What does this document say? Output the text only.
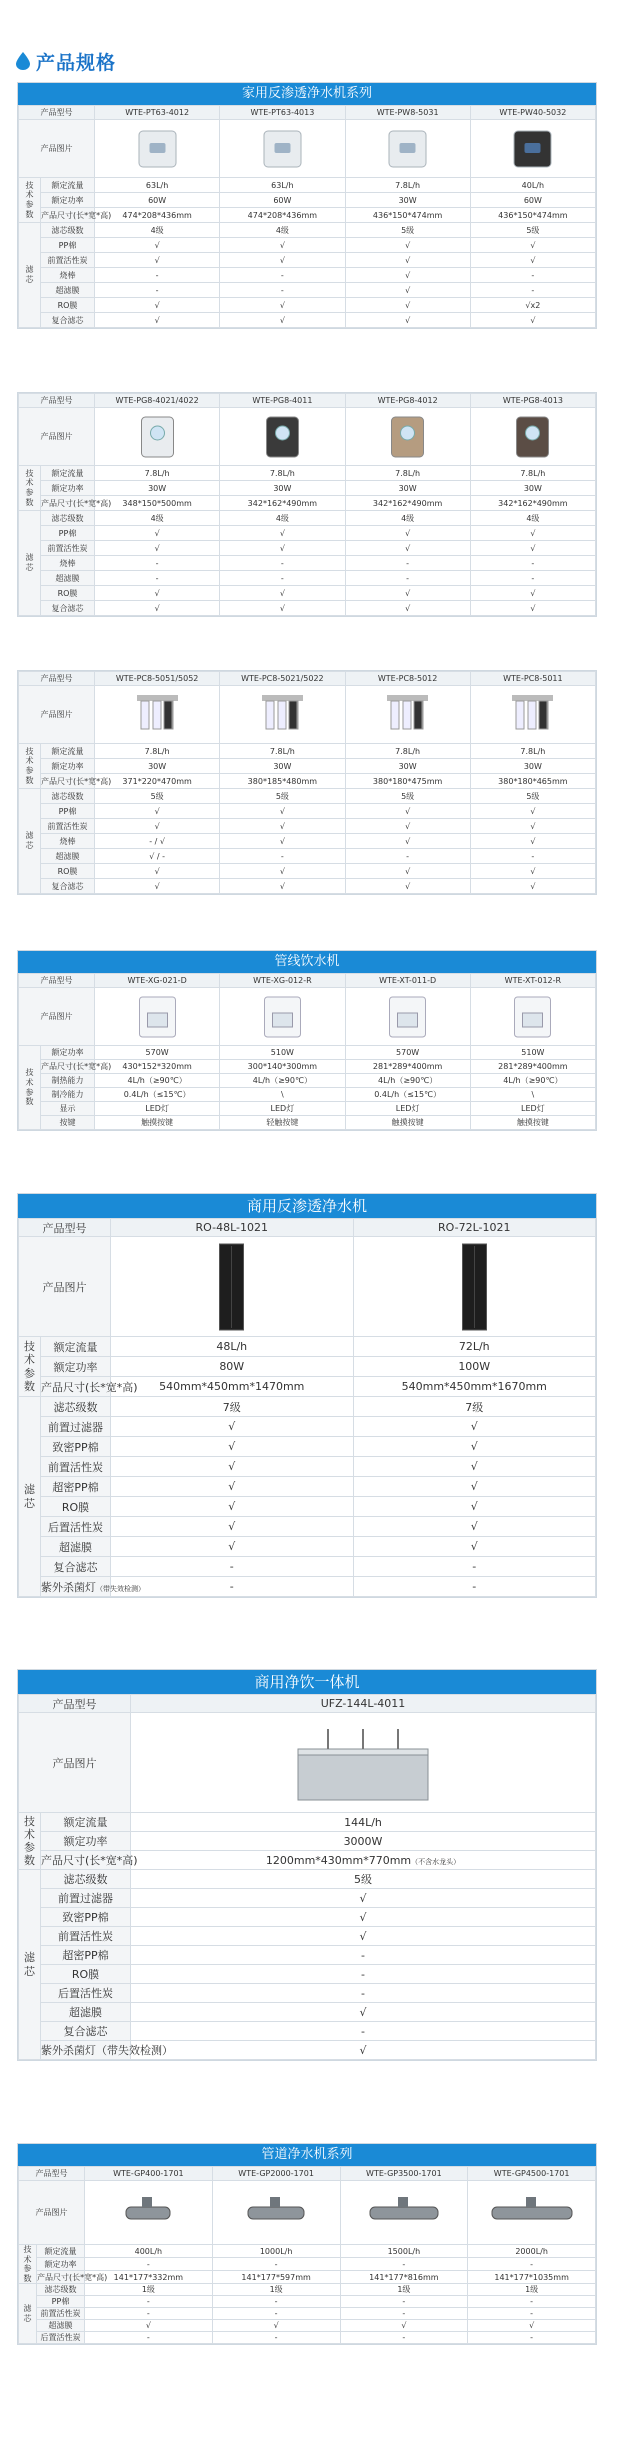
产品规格
家用反渗透净水机系列
产品型号		WTE-PT63-4012	WTE-PT63-4013	WTE-PW8-5031	WTE-PW40-5032
产品图片				

技
术
参
数	额定流量	63L/h	63L/h	7.8L/h	40L/h
	额定功率	60W	60W	30W	60W
	产品尺寸(长*宽*高)	474*208*436mm	474*208*436mm	436*150*474mm	436*150*474mm

滤
芯	滤芯级数	4级	4级	5级	5级
	PP棉	√	√	√	√
	前置活性炭	√	√	√	√
	烧棒	-	-	√	-
	超滤膜	-	-	√	-
	RO膜	√	√	√	√x2
	复合滤芯	√	√	√	√
产品型号		WTE-PG8-4021/4022	WTE-PG8-4011	WTE-PG8-4012	WTE-PG8-4013
产品图片				

技
术
参
数	额定流量	7.8L/h	7.8L/h	7.8L/h	7.8L/h
	额定功率	30W	30W	30W	30W
	产品尺寸(长*宽*高)	348*150*500mm	342*162*490mm	342*162*490mm	342*162*490mm

滤
芯	滤芯级数	4级	4级	4级	4级
	PP棉	√	√	√	√
	前置活性炭	√	√	√	√
	烧棒	-	-	-	-
	超滤膜	-	-	-	-
	RO膜	√	√	√	√
	复合滤芯	√	√	√	√
产品型号		WTE-PC8-5051/5052	WTE-PC8-5021/5022	WTE-PC8-5012	WTE-PC8-5011
产品图片				

技
术
参
数	额定流量	7.8L/h	7.8L/h	7.8L/h	7.8L/h
	额定功率	30W	30W	30W	30W
	产品尺寸(长*宽*高)	371*220*470mm	380*185*480mm	380*180*475mm	380*180*465mm

滤
芯	滤芯级数	5级	5级	5级	5级
	PP棉	√	√	√	√
	前置活性炭	√	√	√	√
	烧棒	- / √	√	√	√
	超滤膜	√ / -	-	-	-
	RO膜	√	√	√	√
	复合滤芯	√	√	√	√
管线饮水机
产品型号		WTE-XG-021-D	WTE-XG-012-R	WTE-XT-011-D	WTE-XT-012-R
产品图片				

技
术
参
数	额定功率	570W	510W	570W	510W
	产品尺寸(长*宽*高)	430*152*320mm	300*140*300mm	281*289*400mm	281*289*400mm
	制热能力	4L/h（≥90℃）	4L/h（≥90℃）	4L/h（≥90℃）	4L/h（≥90℃）
	制冷能力	0.4L/h（≤15℃）	\	0.4L/h（≤15℃）	\
	显示	LED灯	LED灯	LED灯	LED灯
	按键	触摸按键	轻触按键	触摸按键	触摸按键
商用反渗透净水机
产品型号		RO-48L-1021	RO-72L-1021
产品图片		

技
术
参
数	额定流量	48L/h	72L/h
	额定功率	80W	100W
	产品尺寸(长*宽*高)	540mm*450mm*1470mm	540mm*450mm*1670mm

滤
芯	滤芯级数	7级	7级
	前置过滤器	√	√
	致密PP棉	√	√
	前置活性炭	√	√
	超密PP棉	√	√
	RO膜	√	√
	后置活性炭	√	√
	超滤膜	√	√
	复合滤芯	-	-
	紫外杀菌灯（带失效检测）	-	-
商用净饮一体机
产品型号		UFZ-144L-4011
产品图片	

技
术
参
数	额定流量	144L/h
	额定功率	3000W
	产品尺寸(长*宽*高)	1200mm*430mm*770mm（不含水龙头）

滤
芯	滤芯级数	5级
	前置过滤器	√
	致密PP棉	√
	前置活性炭	√
	超密PP棉	-
	RO膜	-
	后置活性炭	-
	超滤膜	√
	复合滤芯	-
	紫外杀菌灯（带失效检测）	√
管道净水机系列
产品型号		WTE-GP400-1701	WTE-GP2000-1701	WTE-GP3500-1701	WTE-GP4500-1701
产品图片				

技
术
参
数	额定流量	400L/h	1000L/h	1500L/h	2000L/h
	额定功率	-	-	-	-
	产品尺寸(长*宽*高)	141*177*332mm	141*177*597mm	141*177*816mm	141*177*1035mm

滤
芯	滤芯级数	1级	1级	1级	1级
	PP棉	-	-	-	-
	前置活性炭	-	-	-	-
	超滤膜	√	√	√	√
	后置活性炭	-	-	-	-
